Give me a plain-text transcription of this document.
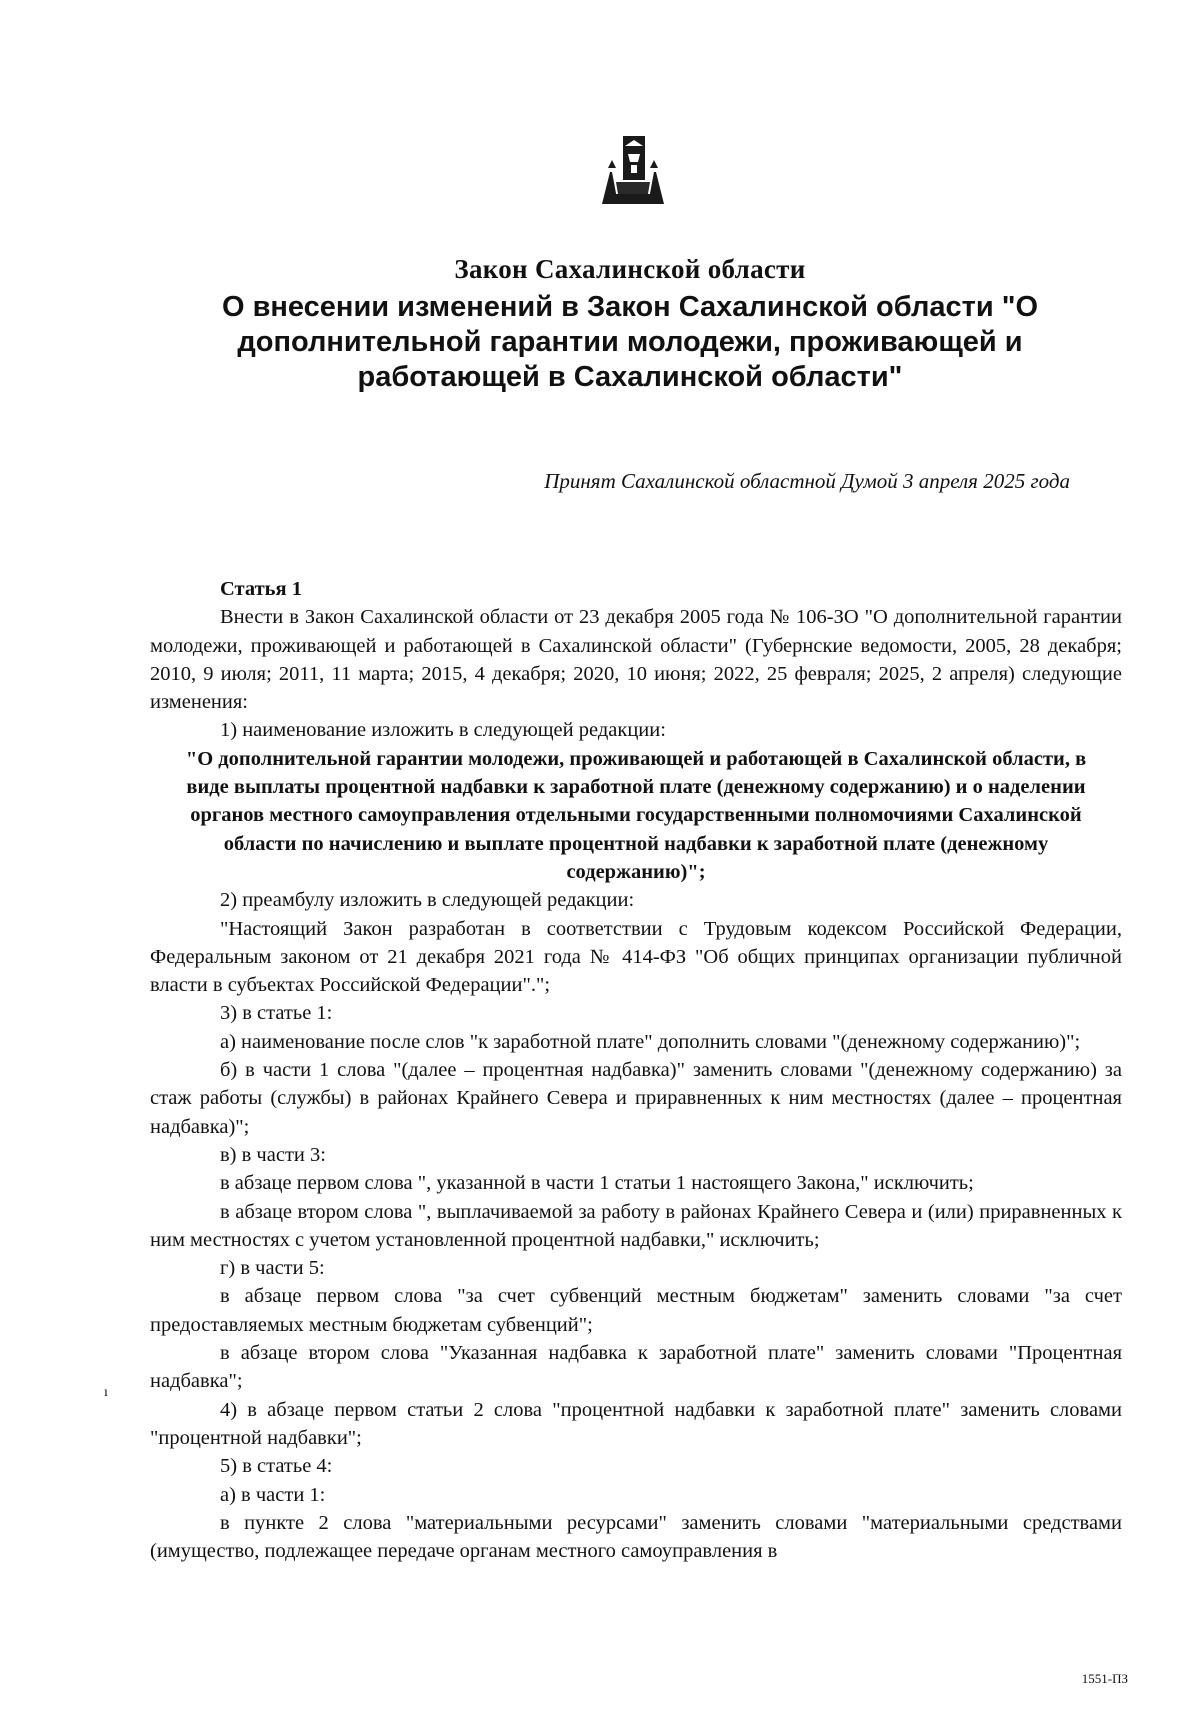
Закон Сахалинской области
О внесении изменений в Закон Сахалинской области "О дополнительной гарантии молодежи, проживающей и работающей в Сахалинской области"
Принят Сахалинской областной Думой 3 апреля 2025 года

Статья 1

Внести в Закон Сахалинской области от 23 декабря 2005 года № 106-ЗО "О дополнительной гарантии молодежи, проживающей и работающей в Сахалинской области" (Губернские ведомости, 2005, 28 декабря; 2010, 9 июля; 2011, 11 марта; 2015, 4 декабря; 2020, 10 июня; 2022, 25 февраля; 2025, 2 апреля) следующие изменения:

1) наименование изложить в следующей редакции:

"О дополнительной гарантии молодежи, проживающей и работающей в Сахалинской области, в виде выплаты процентной надбавки к заработной плате (денежному содержанию) и о наделении органов местного самоуправления отдельными государственными полномочиями Сахалинской области по начислению и выплате процентной надбавки к заработной плате (денежному содержанию)";

2) преамбулу изложить в следующей редакции:

"Настоящий Закон разработан в соответствии с Трудовым кодексом Российской Федерации, Федеральным законом от 21 декабря 2021 года № 414-ФЗ "Об общих принципах организации публичной власти в субъектах Российской Федерации".";

3) в статье 1:

а) наименование после слов "к заработной плате" дополнить словами "(денежному содержанию)";

б) в части 1 слова "(далее – процентная надбавка)" заменить словами "(денежному содержанию) за стаж работы (службы) в районах Крайнего Севера и приравненных к ним местностях (далее – процентная надбавка)";

в) в части 3:

в абзаце первом слова ", указанной в части 1 статьи 1 настоящего Закона," исключить;

в абзаце втором слова ", выплачиваемой за работу в районах Крайнего Севера и (или) приравненных к ним местностях с учетом установленной процентной надбавки," исключить;

г) в части 5:

в абзаце первом слова "за счет субвенций местным бюджетам" заменить словами "за счет предоставляемых местным бюджетам субвенций";

в абзаце втором слова "Указанная надбавка к заработной плате" заменить словами "Процентная надбавка";

4) в абзаце первом статьи 2 слова "процентной надбавки к заработной плате" заменить словами "процентной надбавки";

5) в статье 4:

а) в части 1:

в пункте 2 слова "материальными ресурсами" заменить словами "материальными средствами (имущество, подлежащее передаче органам местного самоуправления в

ı
1551-ПЗ
